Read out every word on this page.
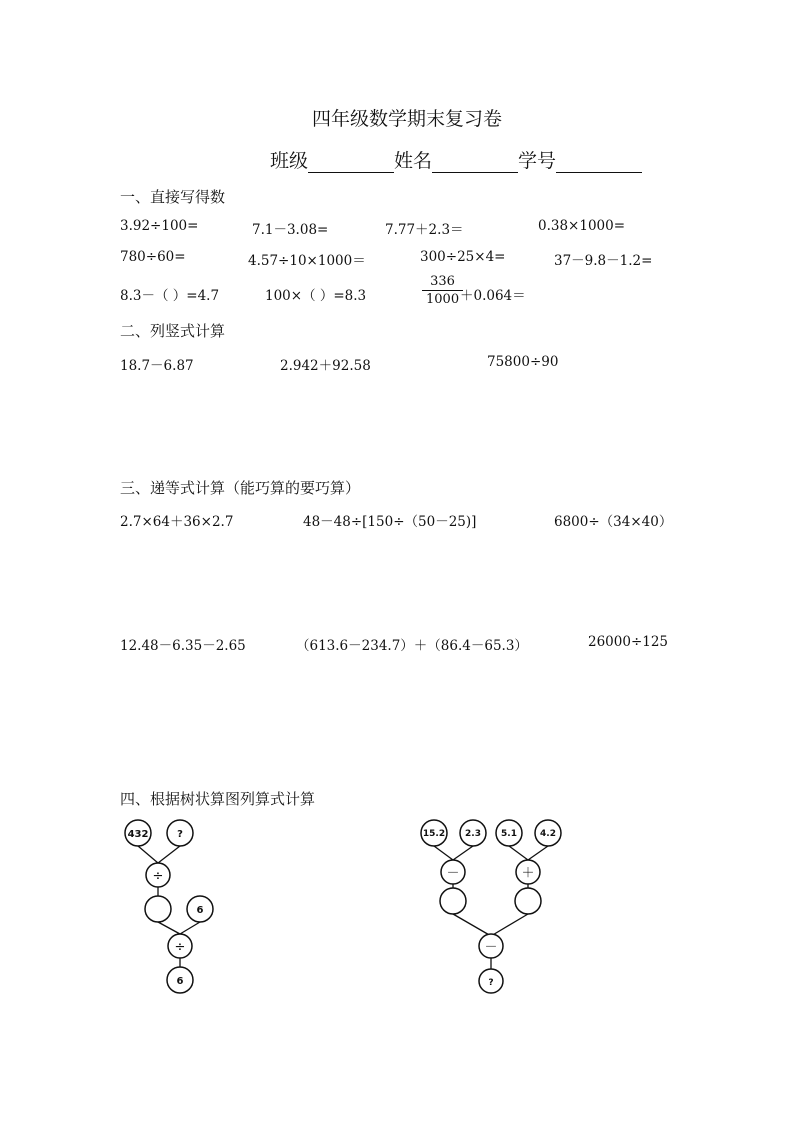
四年级数学期末复习卷
班级	姓名	学号
一、直接写得数
3.92÷100=	7.1－3.08=	7.77＋2.3＝	0.38×1000=
780÷60=	4.57÷10×1000＝	300÷25×4=	37－9.8－1.2=
8.3－（ ）=4.7	100×（ ）=8.3
336
1000 ＋0.064＝
二、列竖式计算
18.7－6.87	2.942＋92.58	75800÷90
三、递等式计算（能巧算的要巧算）
2.7×64＋36×2.7	48－48÷[150÷（50－25)]	6800÷（34×40）
12.48－6.35－2.65	（613.6－234.7）＋（86.4－65.3）	26000÷125
四、根据树状算图列算式计算
432	?
6
6
÷
÷
15.2 2.3 5.1	4.2
?
－	＋
－
